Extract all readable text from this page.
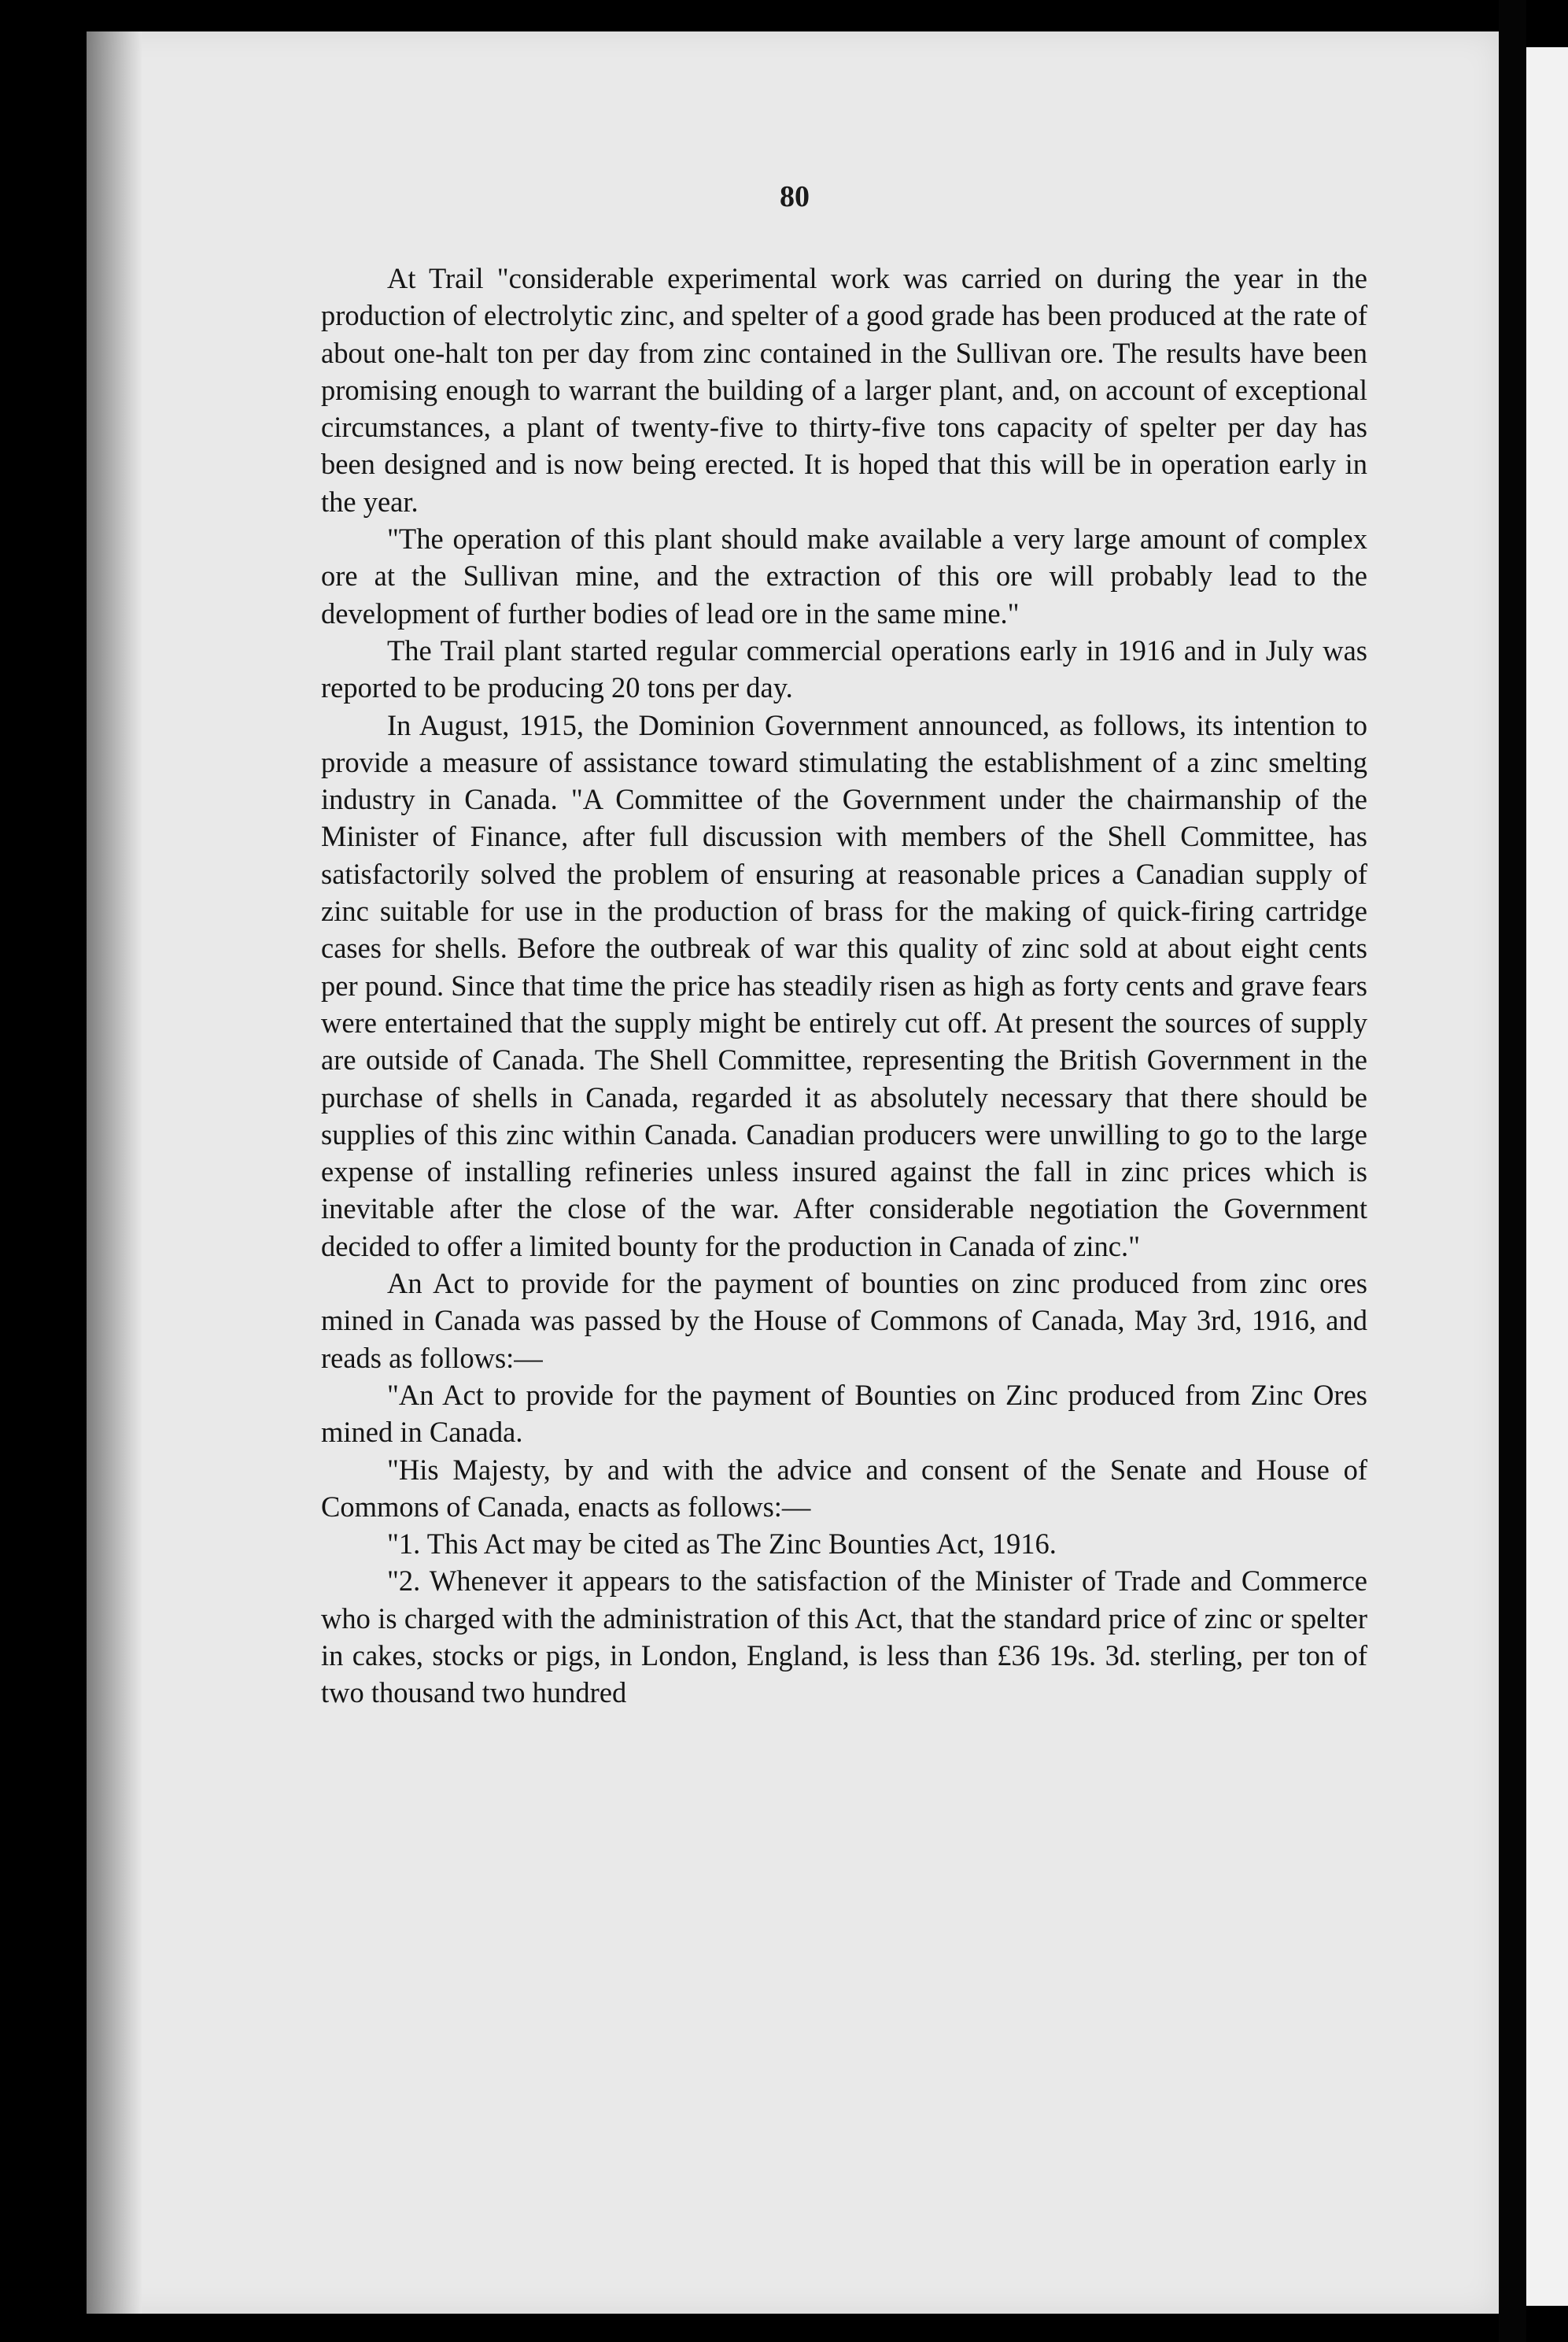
80

At Trail "considerable experimental work was carried on during the year in the production of electrolytic zinc, and spelter of a good grade has been produced at the rate of about one-halt ton per day from zinc contained in the Sullivan ore. The results have been promising enough to warrant the building of a larger plant, and, on account of exceptional circumstances, a plant of twenty-five to thirty-five tons capacity of spelter per day has been designed and is now being erected. It is hoped that this will be in operation early in the year.

"The operation of this plant should make available a very large amount of complex ore at the Sullivan mine, and the extraction of this ore will probably lead to the development of further bodies of lead ore in the same mine."

The Trail plant started regular commercial operations early in 1916 and in July was reported to be producing 20 tons per day.

In August, 1915, the Dominion Government announced, as follows, its intention to provide a measure of assistance toward stimulating the establishment of a zinc smelting industry in Canada. "A Committee of the Government under the chairmanship of the Minister of Finance, after full discussion with members of the Shell Committee, has satisfactorily solved the problem of ensuring at reasonable prices a Canadian supply of zinc suitable for use in the production of brass for the making of quick-firing cartridge cases for shells. Before the outbreak of war this quality of zinc sold at about eight cents per pound. Since that time the price has steadily risen as high as forty cents and grave fears were entertained that the supply might be entirely cut off. At present the sources of supply are outside of Canada. The Shell Committee, representing the British Government in the purchase of shells in Canada, regarded it as absolutely necessary that there should be supplies of this zinc within Canada. Canadian producers were unwilling to go to the large expense of installing refineries unless insured against the fall in zinc prices which is inevitable after the close of the war. After considerable negotiation the Government decided to offer a limited bounty for the production in Canada of zinc."

An Act to provide for the payment of bounties on zinc produced from zinc ores mined in Canada was passed by the House of Commons of Canada, May 3rd, 1916, and reads as follows:—

"An Act to provide for the payment of Bounties on Zinc produced from Zinc Ores mined in Canada.

"His Majesty, by and with the advice and consent of the Senate and House of Commons of Canada, enacts as follows:—

"1. This Act may be cited as The Zinc Bounties Act, 1916.

"2. Whenever it appears to the satisfaction of the Minister of Trade and Commerce who is charged with the administration of this Act, that the standard price of zinc or spelter in cakes, stocks or pigs, in London, England, is less than £36 19s. 3d. sterling, per ton of two thousand two hundred
